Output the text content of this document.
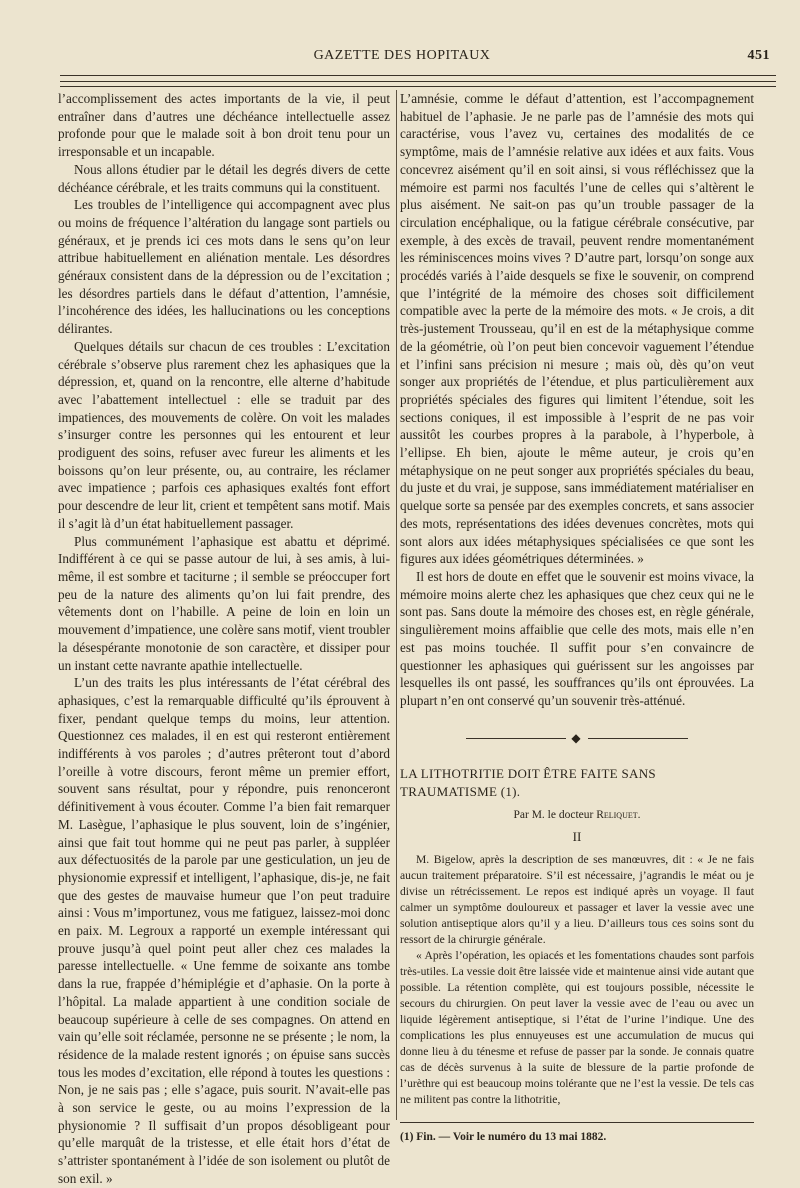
GAZETTE DES HOPITAUX	451

l’accomplissement des actes importants de la vie, il peut entraîner dans d’autres une déchéance intellectuelle assez profonde pour que le malade soit à bon droit tenu pour un irresponsable et un incapable.

Nous allons étudier par le détail les degrés divers de cette déchéance cérébrale, et les traits communs qui la constituent.

Les troubles de l’intelligence qui accompagnent avec plus ou moins de fréquence l’altération du langage sont partiels ou généraux, et je prends ici ces mots dans le sens qu’on leur attribue habituellement en aliénation mentale. Les désordres généraux consistent dans de la dépression ou de l’excitation ; les désordres partiels dans le défaut d’attention, l’amnésie, l’incohérence des idées, les hallucinations ou les conceptions délirantes.

Quelques détails sur chacun de ces troubles : L’excitation cérébrale s’observe plus rarement chez les aphasiques que la dépression, et, quand on la rencontre, elle alterne d’habitude avec l’abattement intellectuel : elle se traduit par des impatiences, des mouvements de colère. On voit les malades s’insurger contre les personnes qui les entourent et leur prodiguent des soins, refuser avec fureur les aliments et les boissons qu’on leur présente, ou, au contraire, les réclamer avec impatience ; parfois ces aphasiques exaltés font effort pour descendre de leur lit, crient et tempêtent sans motif. Mais il s’agit là d’un état habituellement passager.

Plus communément l’aphasique est abattu et déprimé. Indifférent à ce qui se passe autour de lui, à ses amis, à lui-même, il est sombre et taciturne ; il semble se préoccuper fort peu de la nature des aliments qu’on lui fait prendre, des vêtements dont on l’habille. A peine de loin en loin un mouvement d’impatience, une colère sans motif, vient troubler la désespérante monotonie de son caractère, et dissiper pour un instant cette navrante apathie intellectuelle.

L’un des traits les plus intéressants de l’état cérébral des aphasiques, c’est la remarquable difficulté qu’ils éprouvent à fixer, pendant quelque temps du moins, leur attention. Questionnez ces malades, il en est qui resteront entièrement indifférents à vos paroles ; d’autres prêteront tout d’abord l’oreille à votre discours, feront même un premier effort, souvent sans résultat, pour y répondre, puis renonceront définitivement à vous écouter. Comme l’a bien fait remarquer M. Lasègue, l’aphasique le plus souvent, loin de s’ingénier, ainsi que fait tout homme qui ne peut pas parler, à suppléer aux défectuosités de la parole par une gesticulation, un jeu de physionomie expressif et intelligent, l’aphasique, dis-je, ne fait que des gestes de mauvaise humeur que l’on peut traduire ainsi : Vous m’importunez, vous me fatiguez, laissez-moi donc en paix. M. Legroux a rapporté un exemple intéressant qui prouve jusqu’à quel point peut aller chez ces malades la paresse intellectuelle. « Une femme de soixante ans tombe dans la rue, frappée d’hémiplégie et d’aphasie. On la porte à l’hôpital. La malade appartient à une condition sociale de beaucoup supérieure à celle de ses compagnes. On attend en vain qu’elle soit réclamée, personne ne se présente ; le nom, la résidence de la malade restent ignorés ; on épuise sans succès tous les modes d’excitation, elle répond à toutes les questions : Non, je ne sais pas ; elle s’agace, puis sourit. N’avait-elle pas à son service le geste, ou au moins l’expression de la physionomie ? Il suffisait d’un propos désobligeant pour qu’elle marquât de la tristesse, et elle était hors d’état de s’attrister spontanément à l’idée de son isolement ou plutôt de son exil. »

L’amnésie, comme le défaut d’attention, est l’accompagnement habituel de l’aphasie. Je ne parle pas de l’amnésie des mots qui caractérise, vous l’avez vu, certaines des modalités de ce symptôme, mais de l’amnésie relative aux idées et aux faits. Vous concevrez aisément qu’il en soit ainsi, si vous réfléchissez que la mémoire est parmi nos facultés l’une de celles qui s’altèrent le plus aisément. Ne sait-on pas qu’un trouble passager de la circulation encéphalique, ou la fatigue cérébrale consécutive, par exemple, à des excès de travail, peuvent rendre momentanément les réminiscences moins vives ? D’autre part, lorsqu’on songe aux procédés variés à l’aide desquels se fixe le souvenir, on comprend que l’intégrité de la mémoire des choses soit difficilement compatible avec la perte de la mémoire des mots. « Je crois, a dit très-justement Trousseau, qu’il en est de la métaphysique comme de la géométrie, où l’on peut bien concevoir vaguement l’étendue et l’infini sans précision ni mesure ; mais où, dès qu’on veut songer aux propriétés de l’étendue, et plus particulièrement aux propriétés spéciales des figures qui limitent l’étendue, soit les sections coniques, il est impossible à l’esprit de ne pas voir aussitôt les courbes propres à la parabole, à l’hyperbole, à l’ellipse. Eh bien, ajoute le même auteur, je crois qu’en métaphysique on ne peut songer aux propriétés spéciales du beau, du juste et du vrai, je suppose, sans immédiatement matérialiser en quelque sorte sa pensée par des exemples concrets, et sans associer des mots, représentations des idées devenues concrètes, mots qui sont alors aux idées métaphysiques spécialisées ce que sont les figures aux idées géométriques déterminées. »

Il est hors de doute en effet que le souvenir est moins vivace, la mémoire moins alerte chez les aphasiques que chez ceux qui ne le sont pas. Sans doute la mémoire des choses est, en règle générale, singulièrement moins affaiblie que celle des mots, mais elle n’en est pas moins touchée. Il suffit pour s’en convaincre de questionner les aphasiques qui guérissent sur les angoisses par lesquelles ils ont passé, les souffrances qu’ils ont éprouvées. La plupart n’en ont conservé qu’un souvenir très-atténué.

◆
LA LITHOTRITIE DOIT ÊTRE FAITE SANS TRAUMATISME (1).
Par M. le docteur Reliquet.
II

M. Bigelow, après la description de ses manœuvres, dit : « Je ne fais aucun traitement préparatoire. S’il est nécessaire, j’agrandis le méat ou je divise un rétrécissement. Le repos est indiqué après un voyage. Il faut calmer un symptôme douloureux et passager et laver la vessie avec une solution antiseptique alors qu’il y a lieu. D’ailleurs tous ces soins sont du ressort de la chirurgie générale.

« Après l’opération, les opiacés et les fomentations chaudes sont parfois très-utiles. La vessie doit être laissée vide et maintenue ainsi vide autant que possible. La rétention complète, qui est toujours possible, nécessite le secours du chirurgien. On peut laver la vessie avec de l’eau ou avec un liquide légèrement antiseptique, si l’état de l’urine l’indique. Une des complications les plus ennuyeuses est une accumulation de mucus qui donne lieu à du ténesme et refuse de passer par la sonde. Je connais quatre cas de décès survenus à la suite de blessure de la partie profonde de l’urèthre qui est beaucoup moins tolérante que ne l’est la vessie. De tels cas ne militent pas contre la lithotritie,

(1) Fin. — Voir le numéro du 13 mai 1882.
